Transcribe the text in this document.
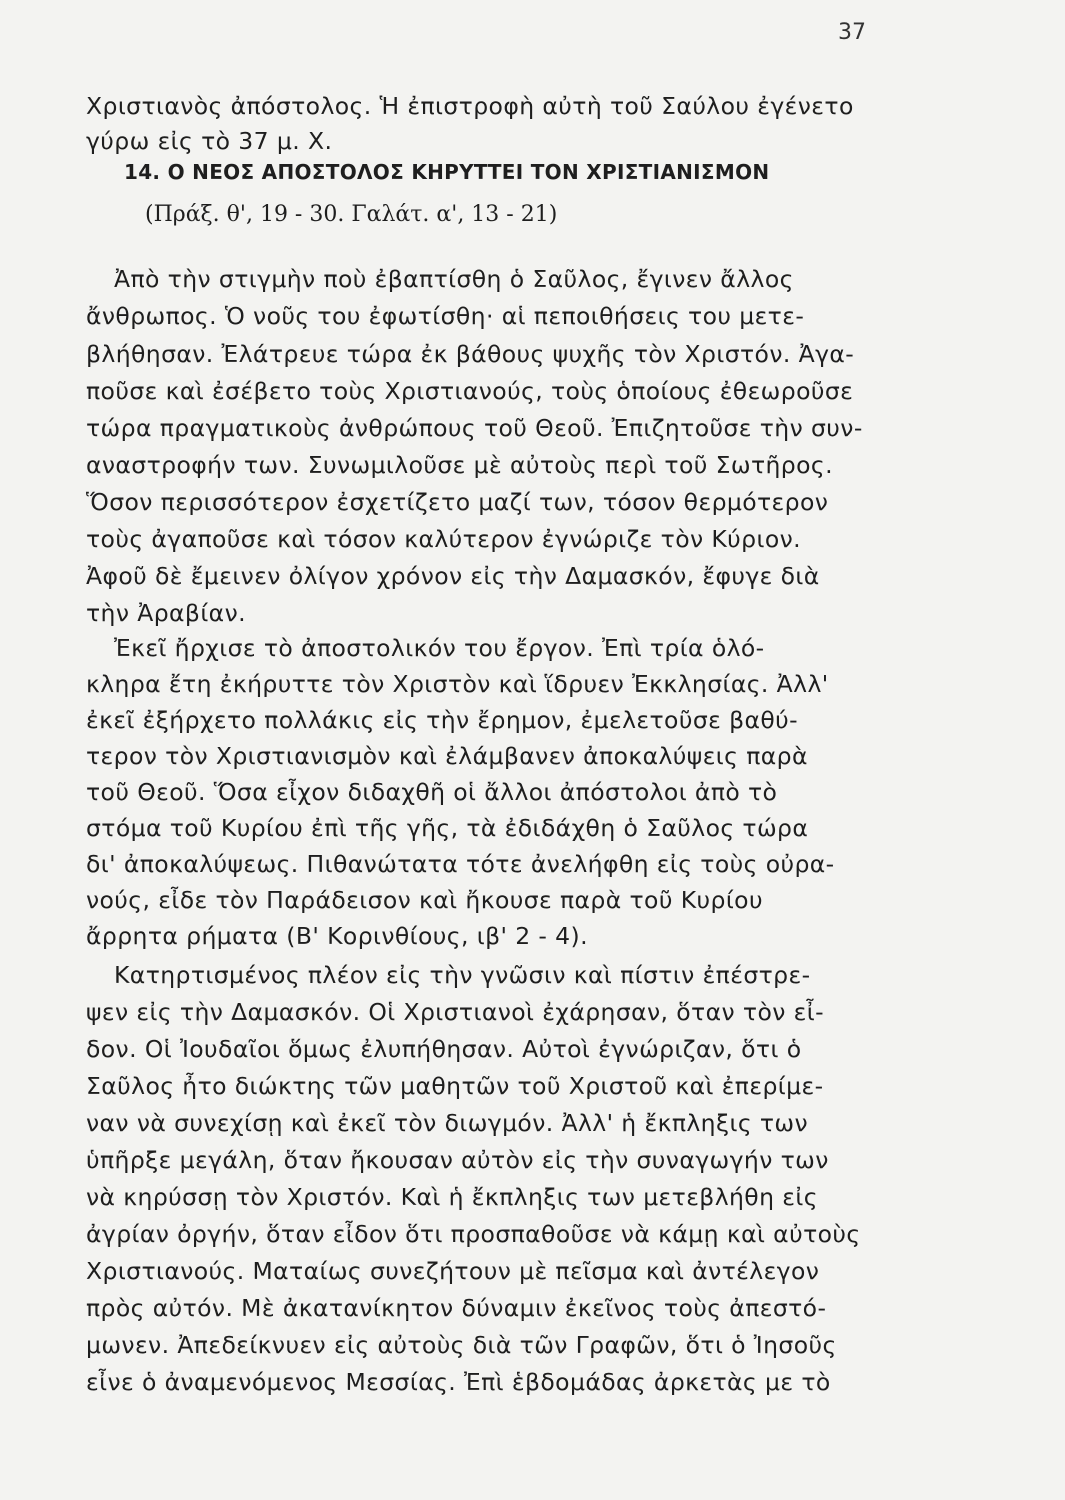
37
Χριστιανὸς ἀπόστολος. Ἡ ἐπιστροφὴ αὐτὴ τοῦ Σαύλου ἐγένετο
γύρω εἰς τὸ 37 μ. Χ.
14. Ο ΝΕΟΣ ΑΠΟΣΤΟΛΟΣ ΚΗΡΥΤΤΕΙ ΤΟΝ ΧΡΙΣΤΙΑΝΙΣΜΟΝ
(Πράξ. θ', 19 - 30. Γαλάτ. α', 13 - 21)
Ἀπὸ τὴν στιγμὴν ποὺ ἐβαπτίσθη ὁ Σαῦλος, ἔγινεν ἄλλος
ἄνθρωπος. Ὁ νοῦς του ἐφωτίσθη· αἱ πεποιθήσεις του μετε-
βλήθησαν. Ἐλάτρευε τώρα ἐκ βάθους ψυχῆς τὸν Χριστόν. Ἀγα-
ποῦσε καὶ ἐσέβετο τοὺς Χριστιανούς, τοὺς ὁποίους ἐθεωροῦσε
τώρα πραγματικοὺς ἀνθρώπους τοῦ Θεοῦ. Ἐπιζητοῦσε τὴν συν-
αναστροφήν των. Συνωμιλοῦσε μὲ αὐτοὺς περὶ τοῦ Σωτῆρος.
Ὅσον περισσότερον ἐσχετίζετο μαζί των, τόσον θερμότερον
τοὺς ἀγαποῦσε καὶ τόσον καλύτερον ἐγνώριζε τὸν Κύριον.
Ἀφοῦ δὲ ἔμεινεν ὀλίγον χρόνον εἰς τὴν Δαμασκόν, ἔφυγε διὰ
τὴν Ἀραβίαν.
Ἐκεῖ ἤρχισε τὸ ἀποστολικόν του ἔργον. Ἐπὶ τρία ὁλό-
κληρα ἔτη ἐκήρυττε τὸν Χριστὸν καὶ ἵδρυεν Ἐκκλησίας. Ἀλλ'
ἐκεῖ ἐξήρχετο πολλάκις εἰς τὴν ἔρημον, ἐμελετοῦσε βαθύ-
τερον τὸν Χριστιανισμὸν καὶ ἐλάμβανεν ἀποκαλύψεις παρὰ
τοῦ Θεοῦ. Ὅσα εἶχον διδαχθῆ οἱ ἄλλοι ἀπόστολοι ἀπὸ τὸ
στόμα τοῦ Κυρίου ἐπὶ τῆς γῆς, τὰ ἐδιδάχθη ὁ Σαῦλος τώρα
δι' ἀποκαλύψεως. Πιθανώτατα τότε ἀνελήφθη εἰς τοὺς οὐρα-
νούς, εἶδε τὸν Παράδεισον καὶ ἤκουσε παρὰ τοῦ Κυρίου
ἄρρητα ρήματα (Β' Κορινθίους, ιβ' 2 - 4).
Κατηρτισμένος πλέον εἰς τὴν γνῶσιν καὶ πίστιν ἐπέστρε-
ψεν εἰς τὴν Δαμασκόν. Οἱ Χριστιανοὶ ἐχάρησαν, ὅταν τὸν εἶ-
δον. Οἱ Ἰουδαῖοι ὅμως ἐλυπήθησαν. Αὐτοὶ ἐγνώριζαν, ὅτι ὁ
Σαῦλος ἦτο διώκτης τῶν μαθητῶν τοῦ Χριστοῦ καὶ ἐπερίμε-
ναν νὰ συνεχίσῃ καὶ ἐκεῖ τὸν διωγμόν. Ἀλλ' ἡ ἔκπληξις των
ὑπῆρξε μεγάλη, ὅταν ἤκουσαν αὐτὸν εἰς τὴν συναγωγήν των
νὰ κηρύσσῃ τὸν Χριστόν. Καὶ ἡ ἔκπληξις των μετεβλήθη εἰς
ἀγρίαν ὀργήν, ὅταν εἶδον ὅτι προσπαθοῦσε νὰ κάμῃ καὶ αὐτοὺς
Χριστιανούς. Ματαίως συνεζήτουν μὲ πεῖσμα καὶ ἀντέλεγον
πρὸς αὐτόν. Μὲ ἀκατανίκητον δύναμιν ἐκεῖνος τοὺς ἀπεστό-
μωνεν. Ἀπεδείκνυεν εἰς αὐτοὺς διὰ τῶν Γραφῶν, ὅτι ὁ Ἰησοῦς
εἶνε ὁ ἀναμενόμενος Μεσσίας. Ἐπὶ ἑβδομάδας ἀρκετὰς με τὸ
